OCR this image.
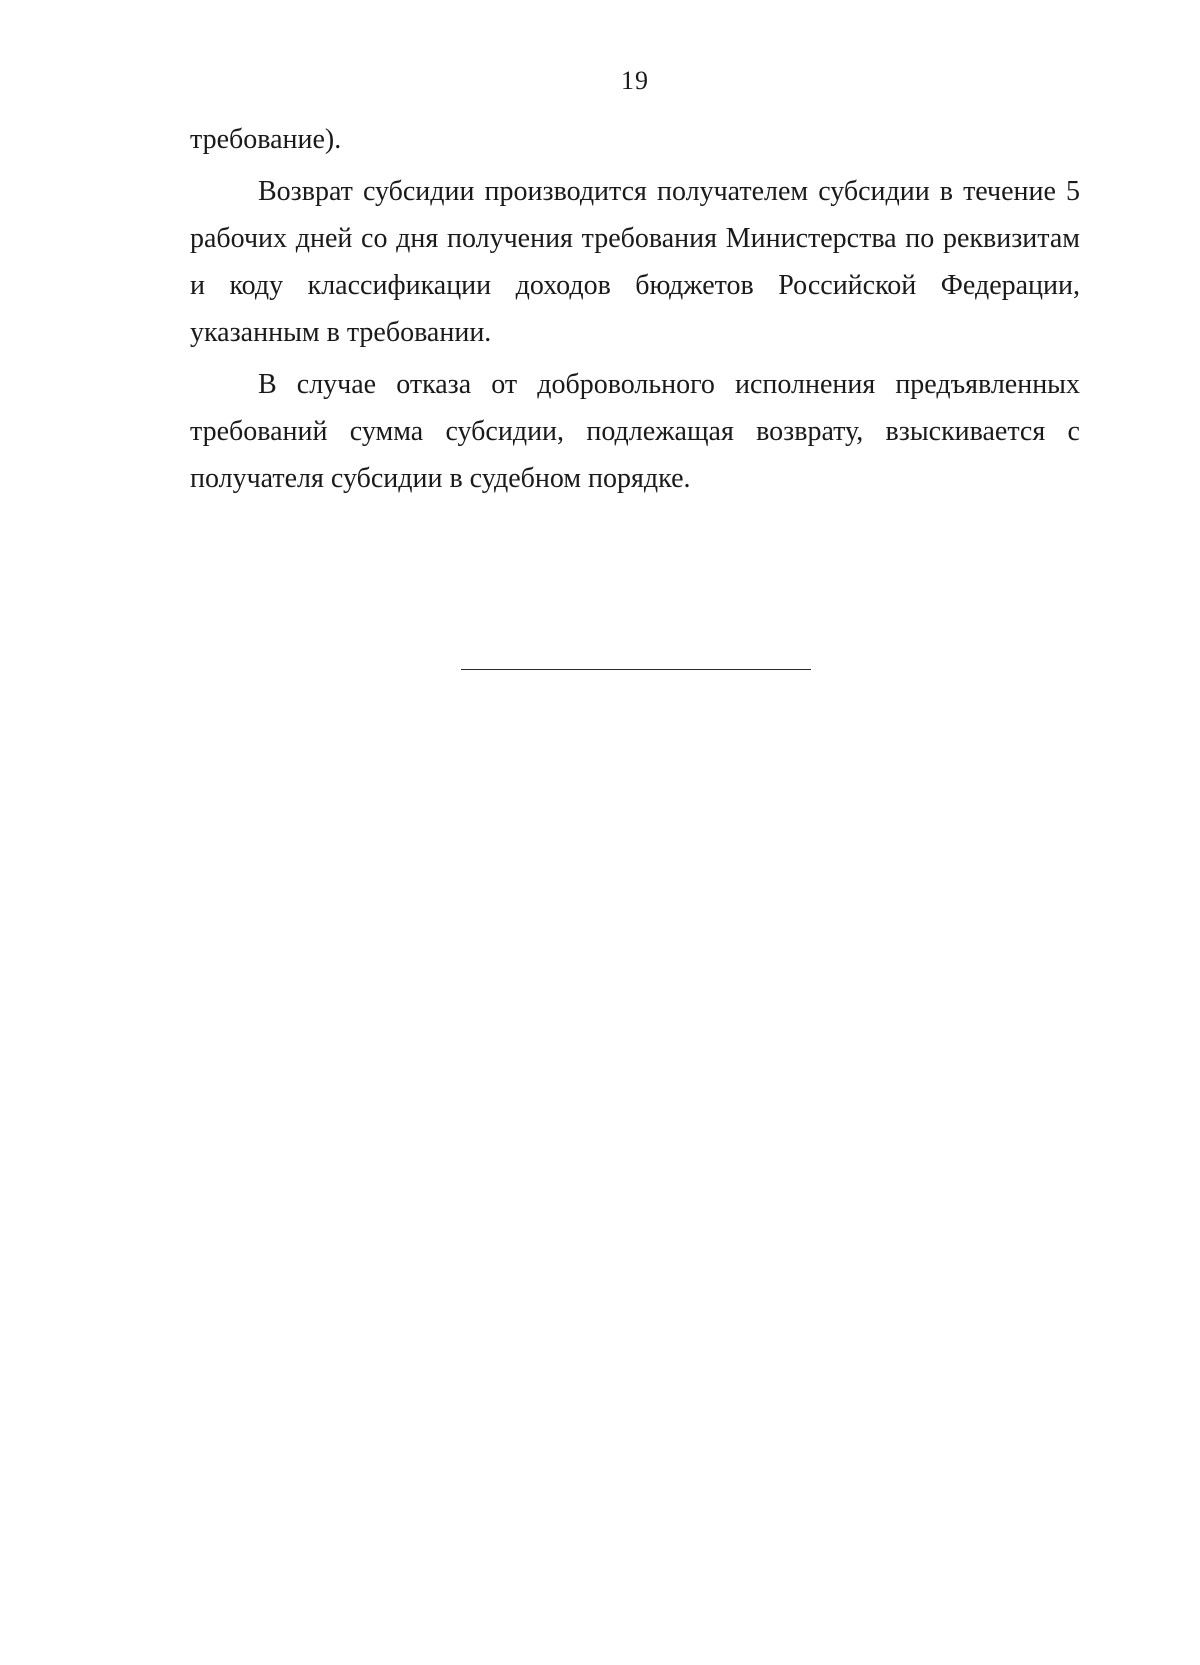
19

требование).

Возврат субсидии производится получателем субсидии в течение 5 рабочих дней со дня получения требования Министерства по реквизитам и коду классификации доходов бюджетов Российской Федерации, указанным в требовании.

В случае отказа от добровольного исполнения предъявленных требований сумма субсидии, подлежащая возврату, взыскивается с получателя субсидии в судебном порядке.
